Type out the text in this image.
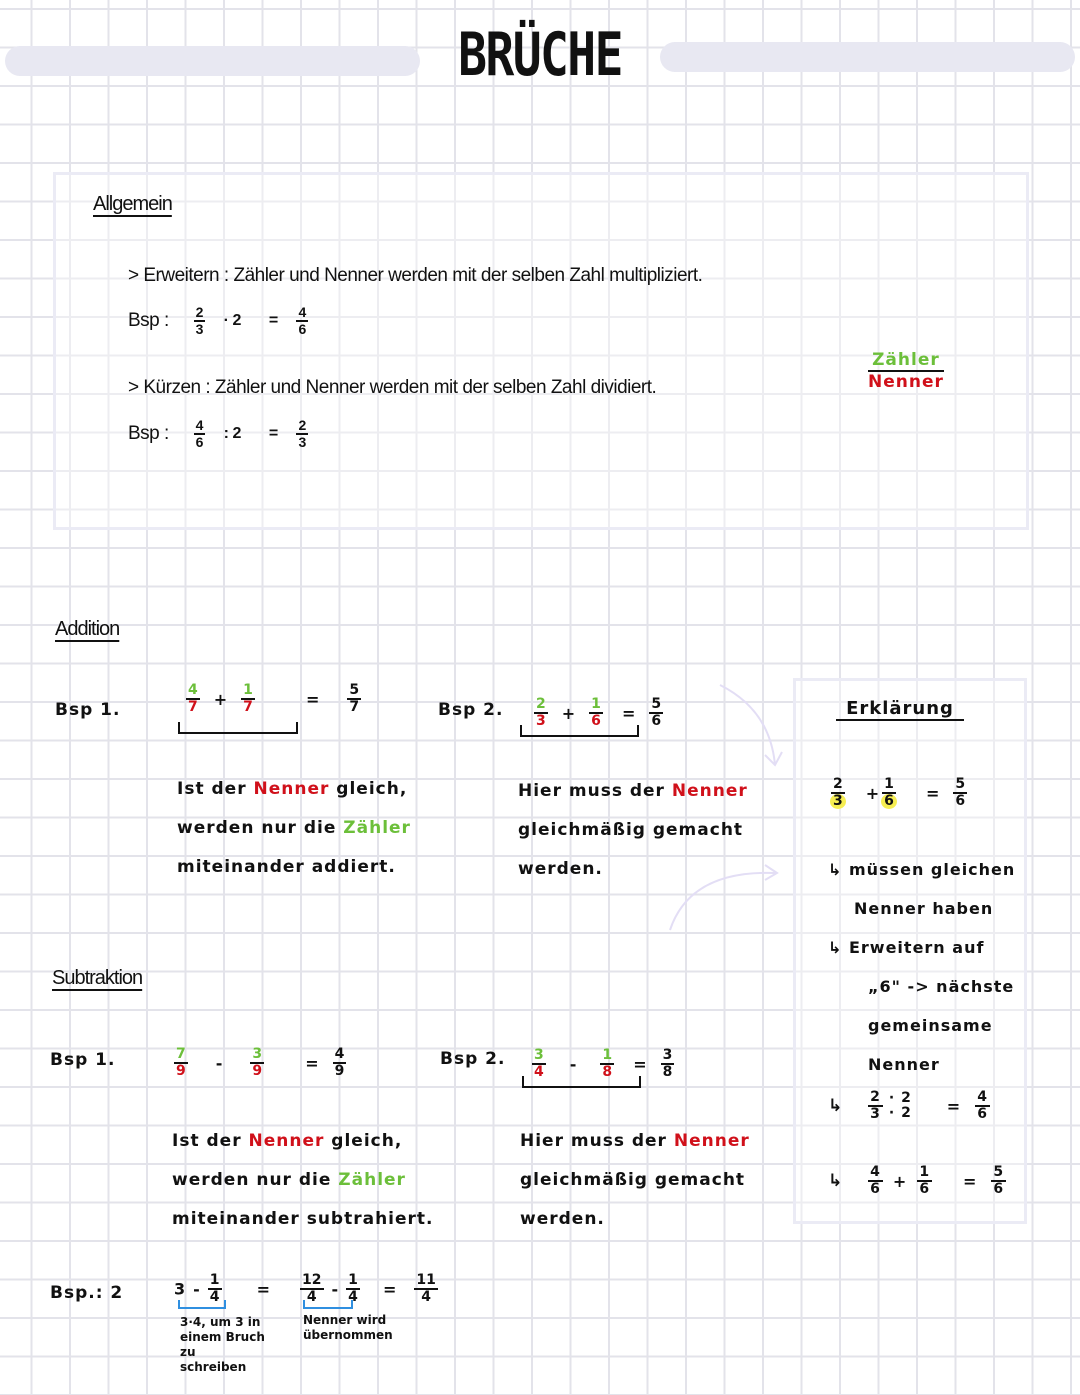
BRÜCHE
Allgemein
> Erweitern : Zähler und Nenner werden mit der selben Zahl multipliziert.
Bsp : $\frac{2}{3} \cdot 2 = \frac{4}{6}$
> Kürzen : Zähler und Nenner werden mit der selben Zahl dividiert.
Bsp : $\frac{4}{6}$ : $2 = \frac{2}{3}$
Zähler
Nenner
Addition
Bsp 1.	$\frac{4}{7} + \frac{1}{7}$	= $\frac{5}{7}$
Ist der Nenner gleich,
werden nur die Zähler
miteinander addiert.
Bsp 2. $\frac{2}{3} + \frac{1}{6} = \frac{5}{6}$
Hier muss der Nenner
gleichmäßig gemacht
werden.
Subtraktion
Bsp 1.	$\frac{7}{9} - \frac{3}{9}$	= $\frac{4}{9}$
Ist der Nenner gleich,
werden nur die Zähler
miteinander subtrahiert.
Bsp 2. $\frac{3}{4} - \frac{1}{8} = \frac{3}{8}$
Hier muss der Nenner
gleichmäßig gemacht
werden.
Bsp.: 2	$3 - \frac{1}{4} = \frac{12}{4} - \frac{1}{4} = \frac{11}{4}$
3·4, um 3 in einem Bruch zu schreiben
Nenner wird übernommen
Erklärung
$\frac{2}{3} + \frac{1}{6} = \frac{5}{6}$
↳ müssen gleichen
Nenner haben
↳ Erweitern auf
„6" -> nächste
gemeinsame
Nenner
↳ $\frac{2}{3} \cdot 2$
· $2 = \frac{4}{6}$
↳ $\frac{4}{6} + \frac{1}{6} = \frac{5}{6}$
